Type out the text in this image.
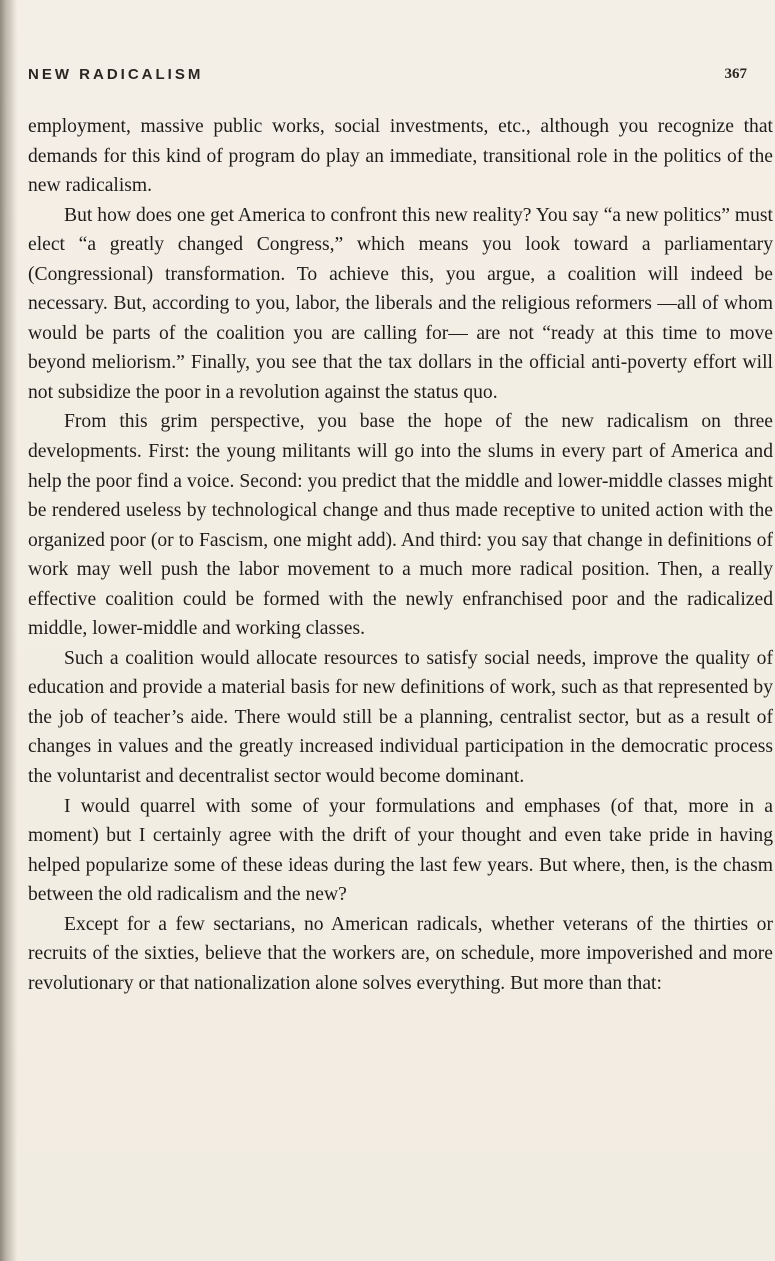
NEW RADICALISM	367

employment, massive public works, social investments, etc., although you recognize that demands for this kind of program do play an immediate, transitional role in the politics of the new radicalism.

But how does one get America to confront this new reality? You say “a new politics” must elect “a greatly changed Congress,” which means you look toward a parliamentary (Congressional) transformation. To achieve this, you argue, a coalition will indeed be necessary. But, according to you, labor, the liberals and the religious reformers —all of whom would be parts of the coalition you are calling for— are not “ready at this time to move beyond meliorism.” Finally, you see that the tax dollars in the official anti-poverty effort will not subsidize the poor in a revolution against the status quo.

From this grim perspective, you base the hope of the new radicalism on three developments. First: the young militants will go into the slums in every part of America and help the poor find a voice. Second: you predict that the middle and lower-middle classes might be rendered useless by technological change and thus made receptive to united action with the organized poor (or to Fascism, one might add). And third: you say that change in definitions of work may well push the labor movement to a much more radical position. Then, a really effective coalition could be formed with the newly enfranchised poor and the radicalized middle, lower-middle and working classes.

Such a coalition would allocate resources to satisfy social needs, improve the quality of education and provide a material basis for new definitions of work, such as that represented by the job of teacher’s aide. There would still be a planning, centralist sector, but as a result of changes in values and the greatly increased individual participation in the democratic process the voluntarist and decentralist sector would become dominant.

I would quarrel with some of your formulations and emphases (of that, more in a moment) but I certainly agree with the drift of your thought and even take pride in having helped popularize some of these ideas during the last few years. But where, then, is the chasm between the old radicalism and the new?

Except for a few sectarians, no American radicals, whether veterans of the thirties or recruits of the sixties, believe that the workers are, on schedule, more impoverished and more revolutionary or that nationalization alone solves everything. But more than that:
